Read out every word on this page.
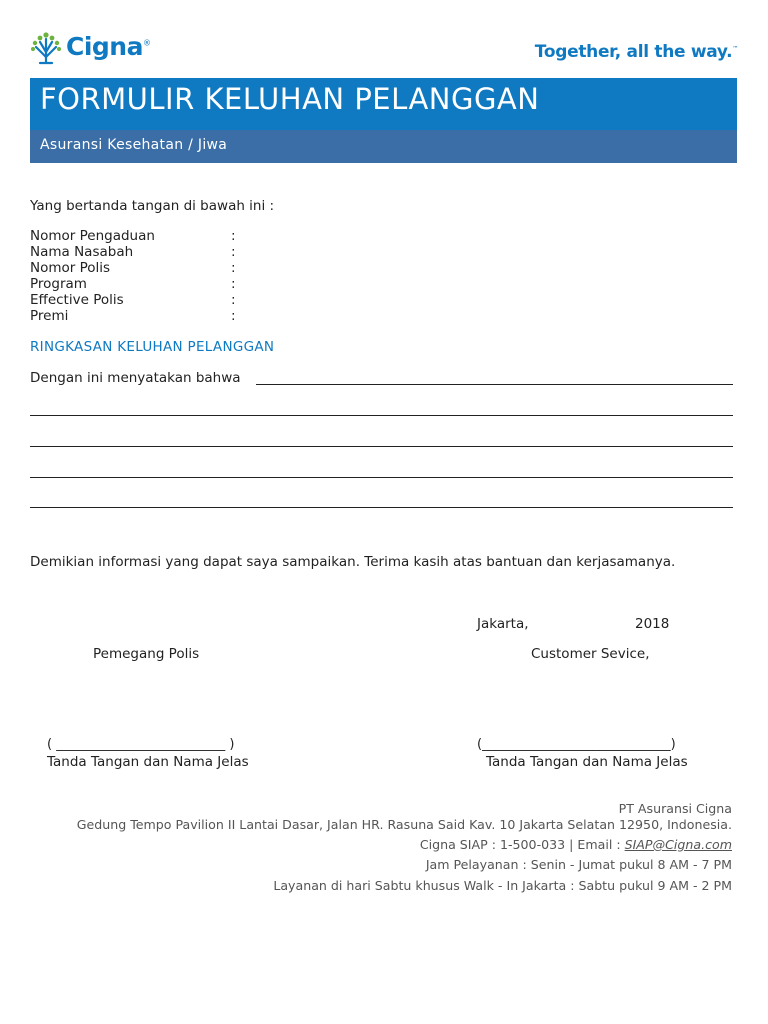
Cigna®	Together, all the way.™
FORMULIR KELUHAN PELANGGAN
Asuransi Kesehatan / Jiwa
Yang bertanda tangan di bawah ini :
Nomor Pengaduan	:
Nama Nasabah	:
Nomor Polis	:
Program	:
Effective Polis	:
Premi	:
RINGKASAN KELUHAN PELANGGAN
Dengan ini menyatakan bahwa
Demikian informasi yang dapat saya sampaikan. Terima kasih atas bantuan dan kerjasamanya.
Jakarta,	2018
Pemegang Polis	Customer Sevice,
( __________________________ )	(_____________________________)
Tanda Tangan dan Nama Jelas	Tanda Tangan dan Nama Jelas
PT Asuransi Cigna
Gedung Tempo Pavilion II Lantai Dasar, Jalan HR. Rasuna Said Kav. 10 Jakarta Selatan 12950, Indonesia.
Cigna SIAP : 1-500-033 | Email : SIAP@Cigna.com
Jam Pelayanan : Senin - Jumat pukul 8 AM - 7 PM
Layanan di hari Sabtu khusus Walk - In Jakarta : Sabtu pukul 9 AM - 2 PM
